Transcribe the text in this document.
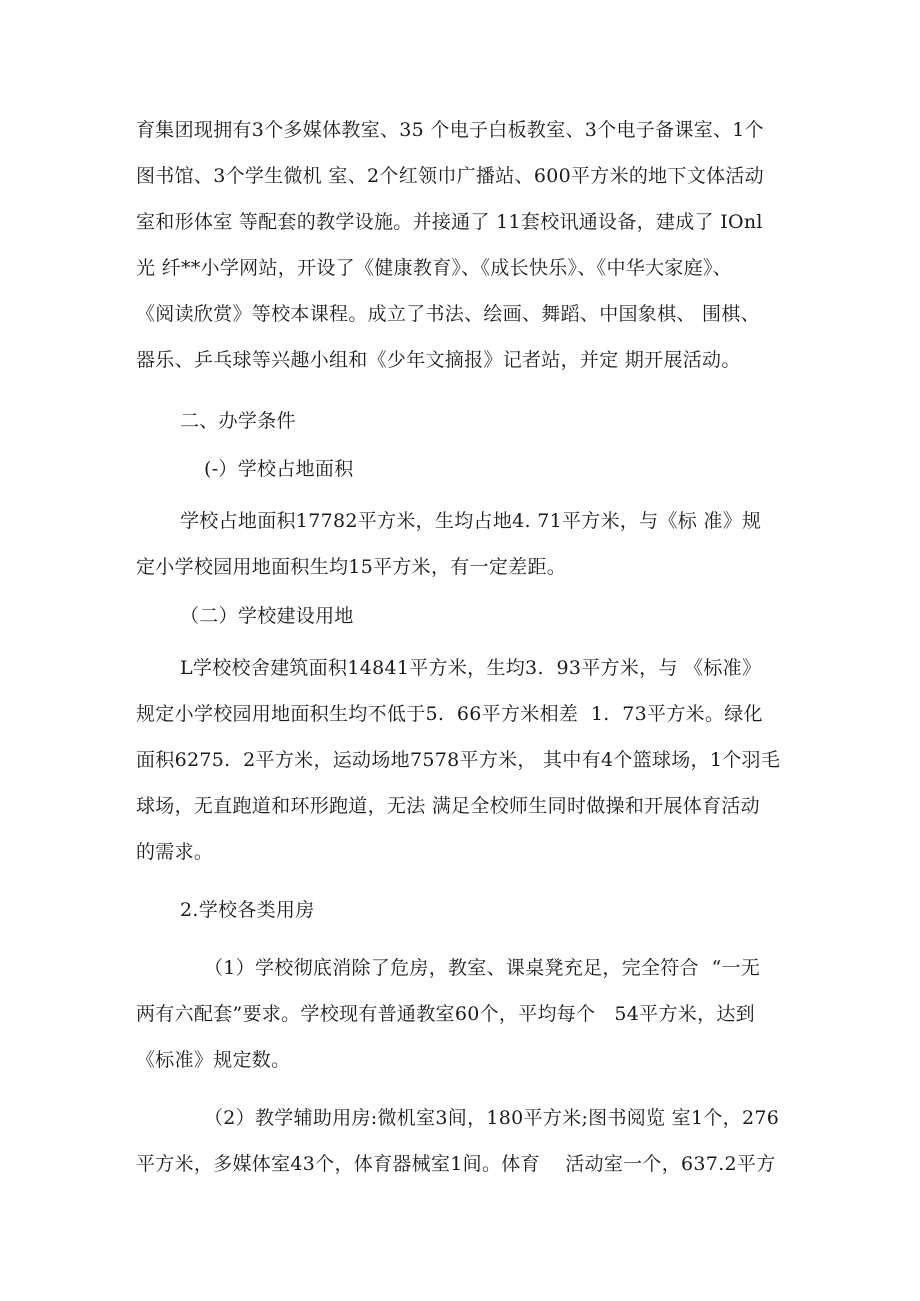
育集团现拥有3个多媒体教室、35 个电子白板教室、3个电子备课室、1个
图书馆、3个学生微机 室、2个红领巾广播站、600平方米的地下文体活动
室和形体室 等配套的教学设施。并接通了 11套校讯通设备，建成了 IOnl
光 纤**小学网站，开设了《健康教育》、《成长快乐》、《中华大家庭》、
《阅读欣赏》等校本课程。成立了书法、绘画、舞蹈、中国象棋、 围棋、
器乐、乒乓球等兴趣小组和《少年文摘报》记者站，并定 期开展活动。
二、办学条件
(-）学校占地面积
学校占地面积17782平方米，生均占地4. 71平方米，与《标 准》规
定小学校园用地面积生均15平方米，有一定差距。
（二）学校建设用地
L学校校舍建筑面积14841平方米，生均3.  93平方米，与 《标准》
规定小学校园用地面积生均不低于5.  66平方米相差  1.  73平方米。绿化
面积6275.  2平方米，运动场地7578平方米， 其中有4个篮球场，1个羽毛
球场，无直跑道和环形跑道，无法 满足全校师生同时做操和开展体育活动
的需求。
2.学校各类用房
（1）学校彻底消除了危房，教室、课桌凳充足，完全符合  “一无
两有六配套”要求。学校现有普通教室60个，平均每个   54平方米，达到
《标准》规定数。
（2）教学辅助用房:微机室3间，180平方米;图书阅览 室1个，276
平方米，多媒体室43个，体育器械室1间。体育    活动室一个，637.2平方
